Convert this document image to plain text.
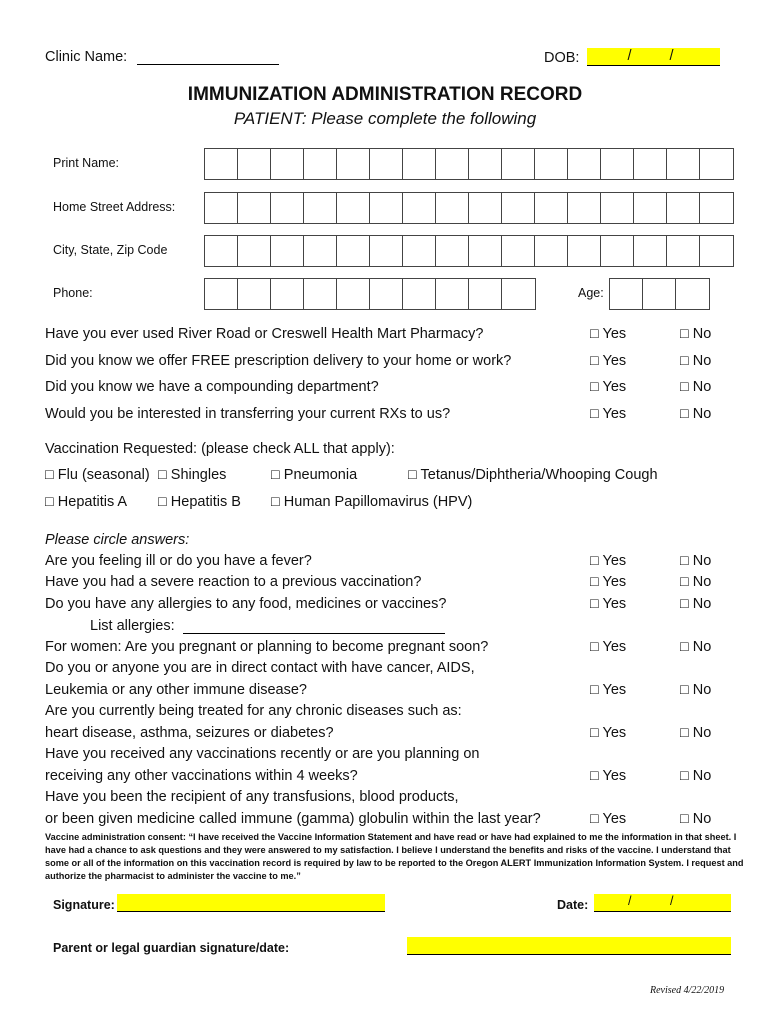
Clinic Name:	DOB:	/	/
IMMUNIZATION ADMINISTRATION RECORD
PATIENT: Please complete the following
Print Name:
Home Street Address:
City, State, Zip Code
Phone:	Age:
Have you ever used River Road or Creswell Health Mart Pharmacy?	□ Yes	□ No
Did you know we offer FREE prescription delivery to your home or work?	□ Yes	□ No
Did you know we have a compounding department?	□ Yes	□ No
Would you be interested in transferring your current RXs to us?	□ Yes	□ No
Vaccination Requested: (please check ALL that apply):
□ Flu (seasonal) □ Shingles	□ Pneumonia	□ Tetanus/Diphtheria/Whooping Cough
□ Hepatitis A □ Hepatitis B □ Human Papillomavirus (HPV)
Please circle answers:
Are you feeling ill or do you have a fever?	□ Yes	□ No
Have you had a severe reaction to a previous vaccination?	□ Yes	□ No
Do you have any allergies to any food, medicines or vaccines?	□ Yes	□ No
List allergies:
For women: Are you pregnant or planning to become pregnant soon?	□ Yes	□ No
Do you or anyone you are in direct contact with have cancer, AIDS,
Leukemia or any other immune disease?	□ Yes	□ No
Are you currently being treated for any chronic diseases such as:
heart disease, asthma, seizures or diabetes?	□ Yes	□ No
Have you received any vaccinations recently or are you planning on
receiving any other vaccinations within 4 weeks?	□ Yes	□ No
Have you been the recipient of any transfusions, blood products,
or been given medicine called immune (gamma) globulin within the last year?	□ Yes	□ No
Vaccine administration consent: “I have received the Vaccine Information Statement and have read or have had explained to me the information in that sheet. I
have had a chance to ask questions and they were answered to my satisfaction. I believe I understand the benefits and risks of the vaccine. I understand that
some or all of the information on this vaccination record is required by law to be reported to the Oregon ALERT Immunization Information System. I request and
authorize the pharmacist to administer the vaccine to me.”
Signature:	Date:	/	/
Parent or legal guardian signature/date:
Revised 4/22/2019
